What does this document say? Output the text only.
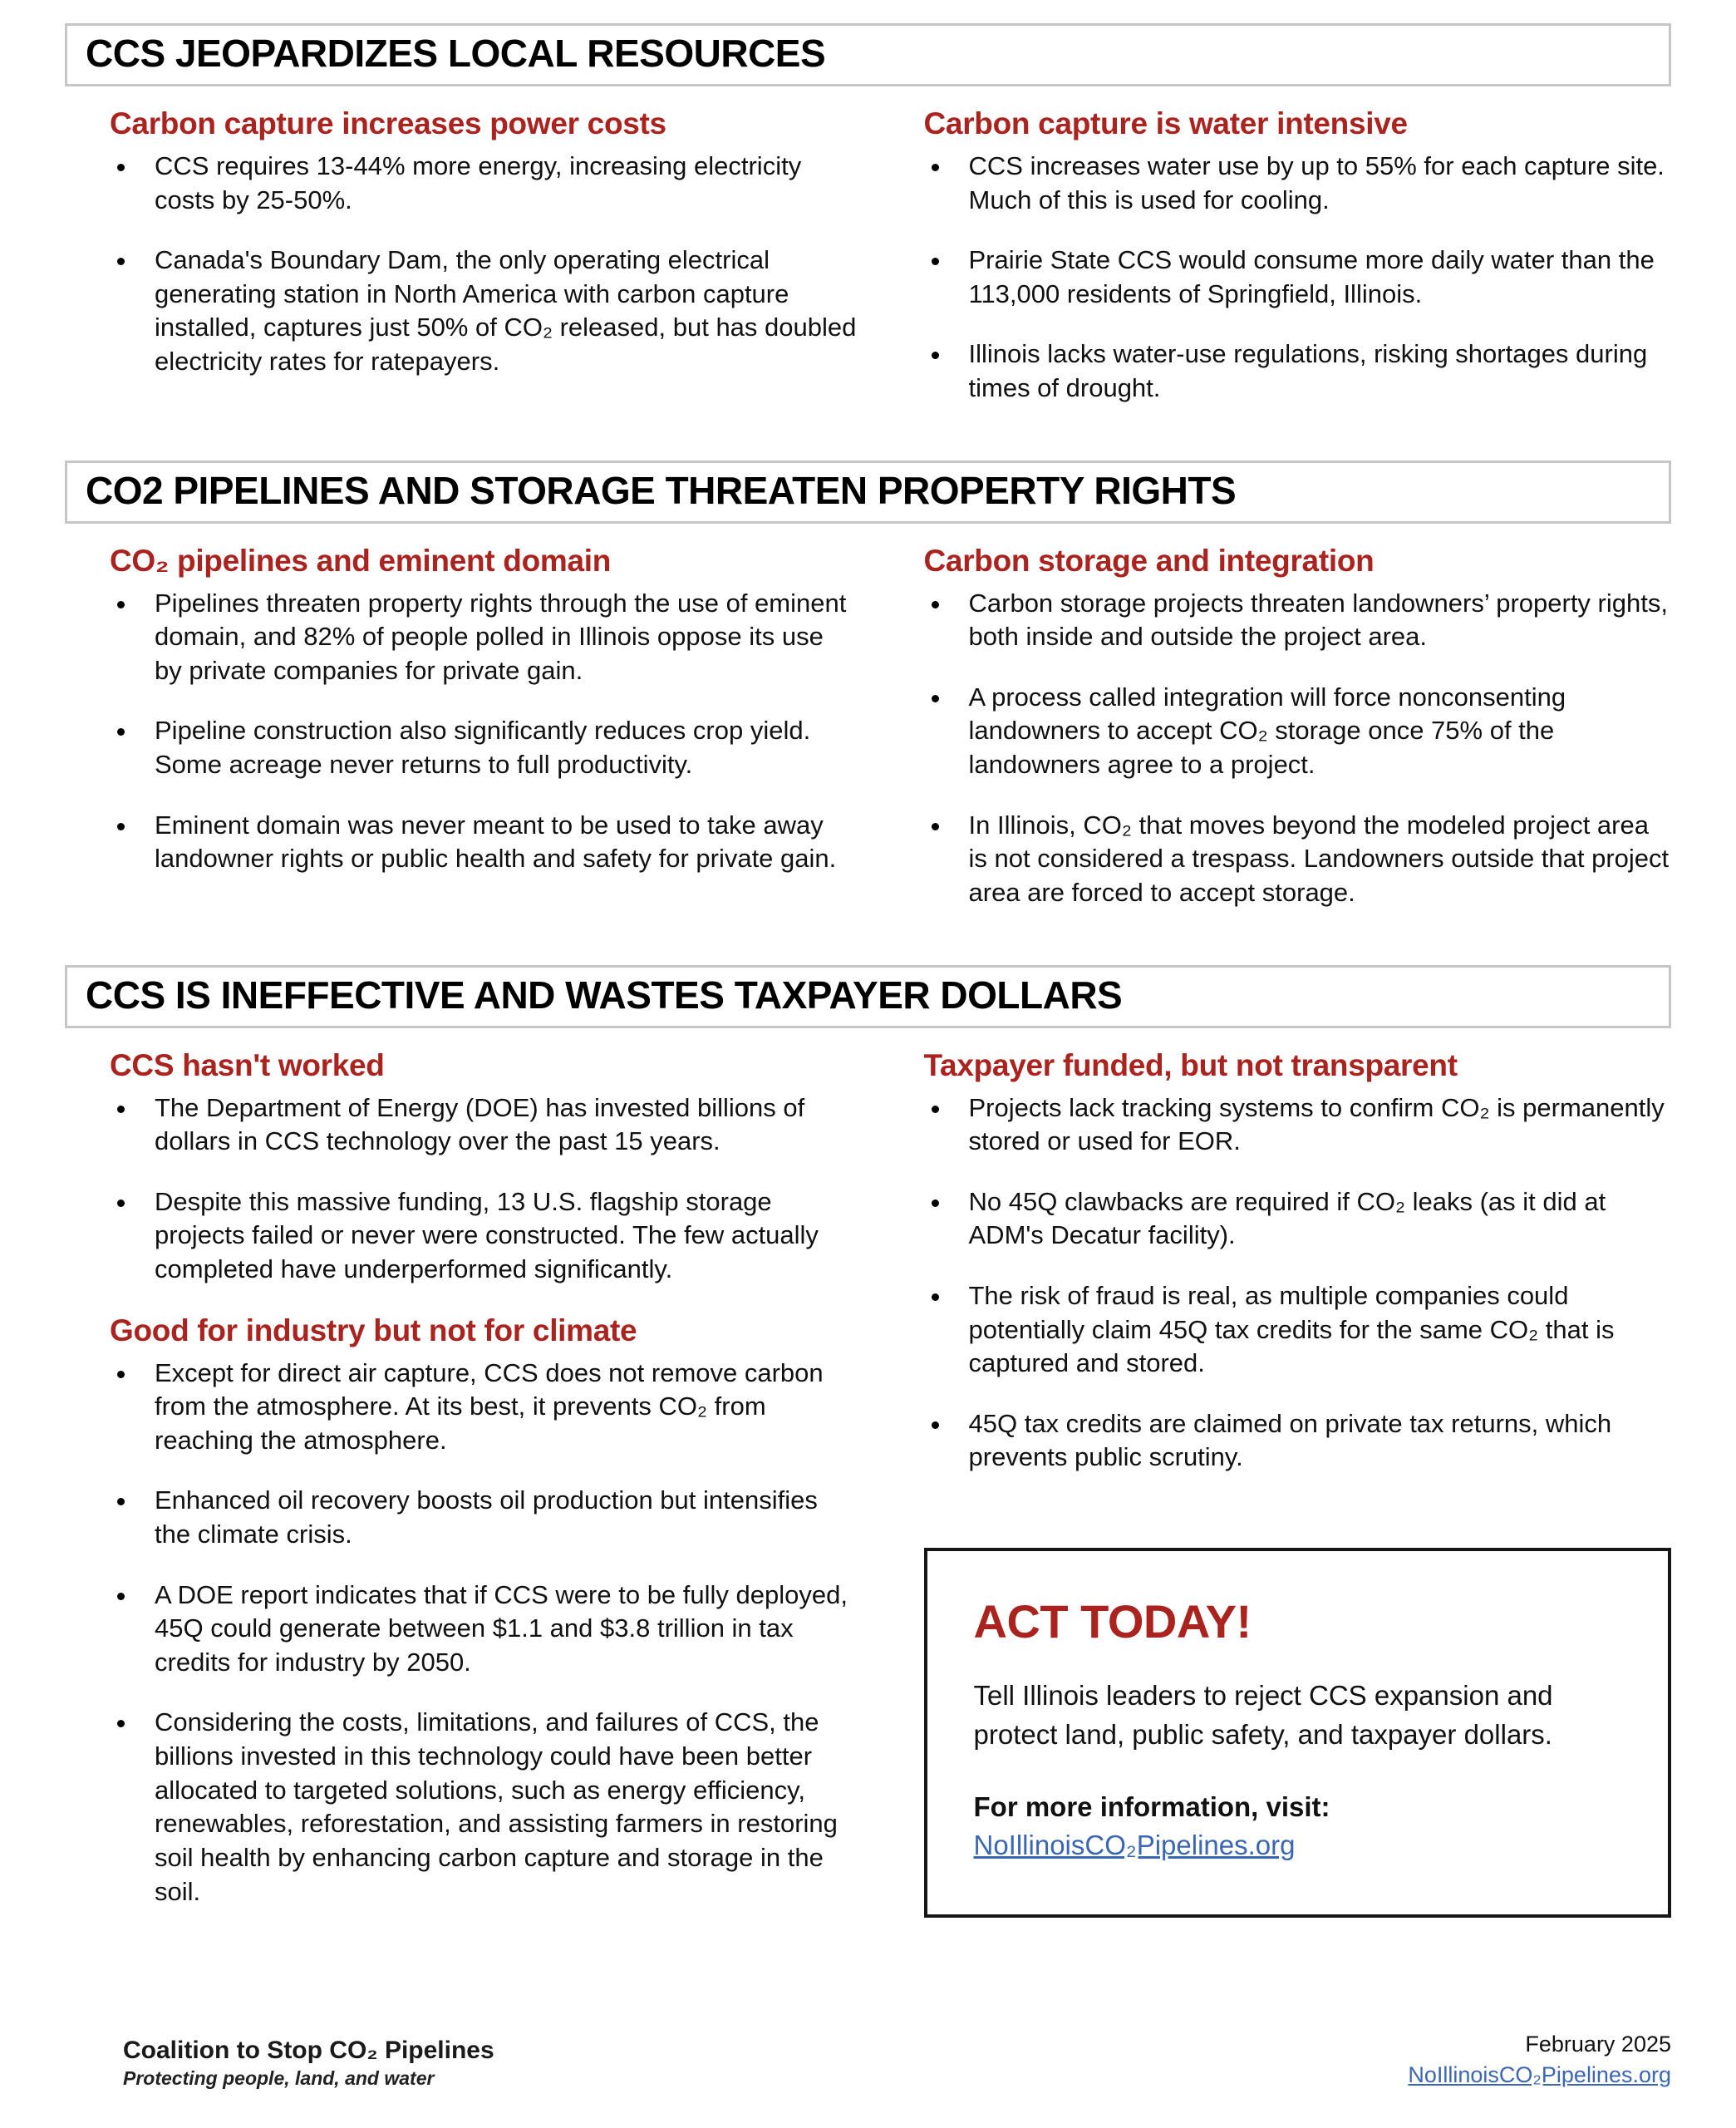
CCS JEOPARDIZES LOCAL RESOURCES
Carbon capture increases power costs
• CCS requires 13-44% more energy, increasing electricity costs by 25-50%.
• Canada's Boundary Dam, the only operating electrical generating station in North America with carbon capture installed, captures just 50% of CO₂ released, but has doubled electricity rates for ratepayers.
Carbon capture is water intensive
• CCS increases water use by up to 55% for each capture site. Much of this is used for cooling.
• Prairie State CCS would consume more daily water than the 113,000 residents of Springfield, Illinois.
• Illinois lacks water-use regulations, risking shortages during times of drought.
CO2 PIPELINES AND STORAGE THREATEN PROPERTY RIGHTS
CO₂ pipelines and eminent domain
• Pipelines threaten property rights through the use of eminent domain, and 82% of people polled in Illinois oppose its use by private companies for private gain.
• Pipeline construction also significantly reduces crop yield. Some acreage never returns to full productivity.
• Eminent domain was never meant to be used to take away landowner rights or public health and safety for private gain.
Carbon storage and integration
• Carbon storage projects threaten landowners’ property rights, both inside and outside the project area.
• A process called integration will force nonconsenting landowners to accept CO₂ storage once 75% of the landowners agree to a project.
• In Illinois, CO₂ that moves beyond the modeled project area is not considered a trespass. Landowners outside that project area are forced to accept storage.
CCS IS INEFFECTIVE AND WASTES TAXPAYER DOLLARS
CCS hasn't worked
• The Department of Energy (DOE) has invested billions of dollars in CCS technology over the past 15 years.
• Despite this massive funding, 13 U.S. flagship storage projects failed or never were constructed. The few actually completed have underperformed significantly.
Good for industry but not for climate
• Except for direct air capture, CCS does not remove carbon from the atmosphere. At its best, it prevents CO₂ from reaching the atmosphere.
• Enhanced oil recovery boosts oil production but intensifies the climate crisis.
• A DOE report indicates that if CCS were to be fully deployed, 45Q could generate between $1.1 and $3.8 trillion in tax credits for industry by 2050.
• Considering the costs, limitations, and failures of CCS, the billions invested in this technology could have been better allocated to targeted solutions, such as energy efficiency, renewables, reforestation, and assisting farmers in restoring soil health by enhancing carbon capture and storage in the soil.
Taxpayer funded, but not transparent
• Projects lack tracking systems to confirm CO₂ is permanently stored or used for EOR.
• No 45Q clawbacks are required if CO₂ leaks (as it did at ADM's Decatur facility).
• The risk of fraud is real, as multiple companies could potentially claim 45Q tax credits for the same CO₂ that is captured and stored.
• 45Q tax credits are claimed on private tax returns, which prevents public scrutiny.
ACT TODAY!

Tell Illinois leaders to reject CCS expansion and protect land, public safety, and taxpayer dollars.

For more information, visit:

NoIllinoisCO₂Pipelines.org

Coalition to Stop CO₂ Pipelines

Protecting people, land, and water

February 2025
NoIllinoisCO₂Pipelines.org
